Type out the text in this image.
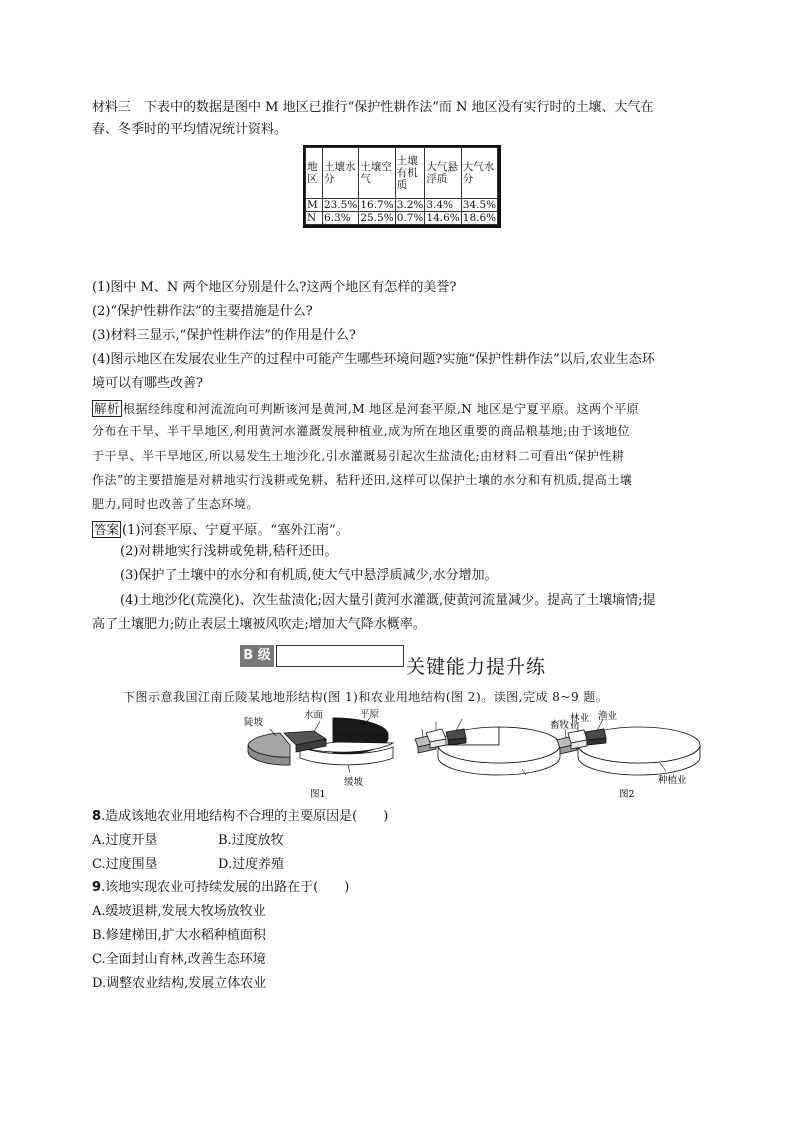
材料三　下表中的数据是图中 M 地区已推行“保护性耕作法”而 N 地区没有实行时的土壤、大气在
春、冬季时的平均情况统计资料。
地区	土壤水分	土壤空气	土壤有机质	大气悬浮质	大气水分
M	23.5%	16.7%	3.2%	3.4%	34.5%
N	6.3%	25.5%	0.7%	14.6%	18.6%
(1)图中 M、N 两个地区分别是什么?这两个地区有怎样的美誉?
(2)“保护性耕作法”的主要措施是什么?
(3)材料三显示,“保护性耕作法”的作用是什么?
(4)图示地区在发展农业生产的过程中可能产生哪些环境问题?实施“保护性耕作法”以后,农业生态环
境可以有哪些改善?
解析 根据经纬度和河流流向可判断该河是黄河,M 地区是河套平原,N 地区是宁夏平原。这两个平原
分布在干旱、半干旱地区,利用黄河水灌溉发展种植业,成为所在地区重要的商品粮基地;由于该地位
于干旱、半干旱地区,所以易发生土地沙化,引水灌溉易引起次生盐渍化;由材料二可看出“保护性耕
作法”的主要措施是对耕地实行浅耕或免耕、秸秆还田,这样可以保护土壤的水分和有机质,提高土壤
肥力,同时也改善了生态环境。
答案 (1)河套平原、宁夏平原。“塞外江南”。
(2)对耕地实行浅耕或免耕,秸秆还田。
(3)保护了土壤中的水分和有机质,使大气中悬浮质减少,水分增加。
(4)土地沙化(荒漠化)、次生盐渍化;因大量引黄河水灌溉,使黄河流量减少。提高了土壤墒情;提
高了土壤肥力;防止表层土壤被风吹走;增加大气降水概率。
B 级
关键能力提升练
下图示意我国江南丘陵某地地形结构(图 1)和农业用地结构(图 2)。读图,完成 8~9 题。
陡坡
水面	平原
缓坡
图1
畜牧业
林业 渔业
种植业
图2
8.造成该地农业用地结构不合理的主要原因是(　　)
A.过度开垦	B.过度放牧
C.过度围垦	D.过度养殖
9.该地实现农业可持续发展的出路在于(　　)
A.缓坡退耕,发展大牧场放牧业
B.修建梯田,扩大水稻种植面积
C.全面封山育林,改善生态环境
D.调整农业结构,发展立体农业
